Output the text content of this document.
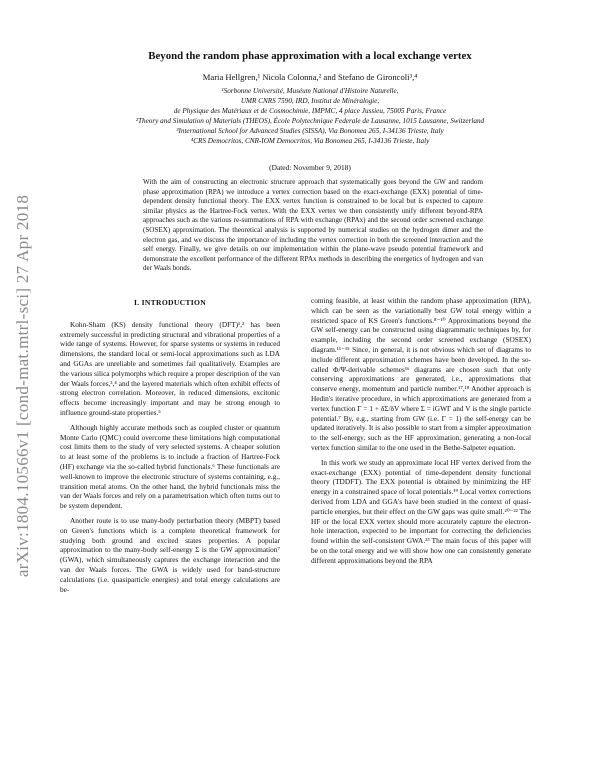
arXiv:1804.10566v1 [cond-mat.mtrl-sci] 27 Apr 2018
Beyond the random phase approximation with a local exchange vertex
Maria Hellgren,¹ Nicola Colonna,² and Stefano de Gironcoli³,⁴
¹Sorbonne Université, Muséum National d'Histoire Naturelle,
UMR CNRS 7590, IRD, Institut de Minéralogie,
de Physique des Matériaux et de Cosmochimie, IMPMC, 4 place Jussieu, 75005 Paris, France
²Theory and Simulation of Materials (THEOS), École Polytechnique Federale de Lausanne, 1015 Lausanne, Switzerland
³International School for Advanced Studies (SISSA), Via Bonomea 265, I-34136 Trieste, Italy
⁴CRS Democritos, CNR-IOM Democritos, Via Bonomea 265, I-34136 Trieste, Italy
(Dated: November 9, 2018)

With the aim of constructing an electronic structure approach that systematically goes beyond the GW and random phase approximation (RPA) we introduce a vertex correction based on the exact-exchange (EXX) potential of time-dependent density functional theory. The EXX vertex function is constrained to be local but is expected to capture similar physics as the Hartree-Fock vertex. With the EXX vertex we then consistently unify different beyond-RPA approaches such as the various re-summations of RPA with exchange (RPAx) and the second order screened exchange (SOSEX) approximation. The theoretical analysis is supported by numerical studies on the hydrogen dimer and the electron gas, and we discuss the importance of including the vertex correction in both the screened interaction and the self energy. Finally, we give details on our implementation within the plane-wave pseudo potential framework and demonstrate the excellent performance of the different RPAx methods in describing the energetics of hydrogen and van der Waals bonds.

I. INTRODUCTION

Kohn-Sham (KS) density functional theory (DFT)¹,² has been extremely successful in predicting structural and vibrational properties of a wide range of systems. However, for sparse systems or systems in reduced dimensions, the standard local or semi-local approximations such as LDA and GGAs are unreliable and sometimes fail qualitatively. Examples are the various silica polymorphs which require a proper description of the van der Waals forces,³,⁴ and the layered materials which often exhibit effects of strong electron correlation. Moreover, in reduced dimensions, excitonic effects become increasingly important and may be strong enough to influence ground-state properties.⁵

Although highly accurate methods such as coupled cluster or quantum Monte Carlo (QMC) could overcome these limitations high computational cost limits them to the study of very selected systems. A cheaper solution to at least some of the problems is to include a fraction of Hartree-Fock (HF) exchange via the so-called hybrid functionals.⁶ These functionals are well-known to improve the electronic structure of systems containing, e.g., transition metal atoms. On the other hand, the hybrid functionals miss the van der Waals forces and rely on a parametrisation which often turns out to be system dependent.

Another route is to use many-body perturbation theory (MBPT) based on Green's functions which is a complete theoretical framework for studying both ground and excited states properties. A popular approximation to the many-body self-energy Σ is the GW approximation⁷ (GWA), which simultaneously captures the exchange interaction and the van der Waals forces. The GWA is widely used for band-structure calculations (i.e. quasiparticle energies) and total energy calculations are be-

coming feasible, at least within the random phase approximation (RPA), which can be seen as the variationally best GW total energy within a restricted space of KS Green's functions.⁸⁻¹⁰ Approximations beyond the GW self-energy can be constructed using diagrammatic techniques by, for example, including the second order screened exchange (SOSEX) diagram.¹¹⁻¹⁵ Since, in general, it is not obvious which set of diagrams to include different approximation schemes have been developed. In the so-called Φ/Ψ-derivable schemes¹⁶ diagrams are chosen such that only conserving approximations are generated, i.e., approximations that conserve energy, momentum and particle number.¹⁷,¹⁸ Another approach is Hedin's iterative procedure, in which approximations are generated from a vertex function Γ = 1 + δΣ/δV where Σ = iGWΓ and V is the single particle potential.⁷ By, e.g., starting from GW (i.e. Γ = 1) the self-energy can be updated iteratively. It is also possible to start from a simpler approximation to the self-energy, such as the HF approximation, generating a non-local vertex function similar to the one used in the Bethe-Salpeter equation.

In this work we study an approximate local HF vertex derived from the exact-exchange (EXX) potential of time-dependent density functional theory (TDDFT). The EXX potential is obtained by minimizing the HF energy in a constrained space of local potentials.¹⁹ Local vertex corrections derived from LDA and GGA's have been studied in the context of quasi-particle energies, but their effect on the GW gaps was quite small.²⁰⁻²² The HF or the local EXX vertex should more accurately capture the electron-hole interaction, expected to be important for correcting the deficiencies found within the self-consistent GWA.²³ The main focus of this paper will be on the total energy and we will show how one can consistently generate different approximations beyond the RPA
